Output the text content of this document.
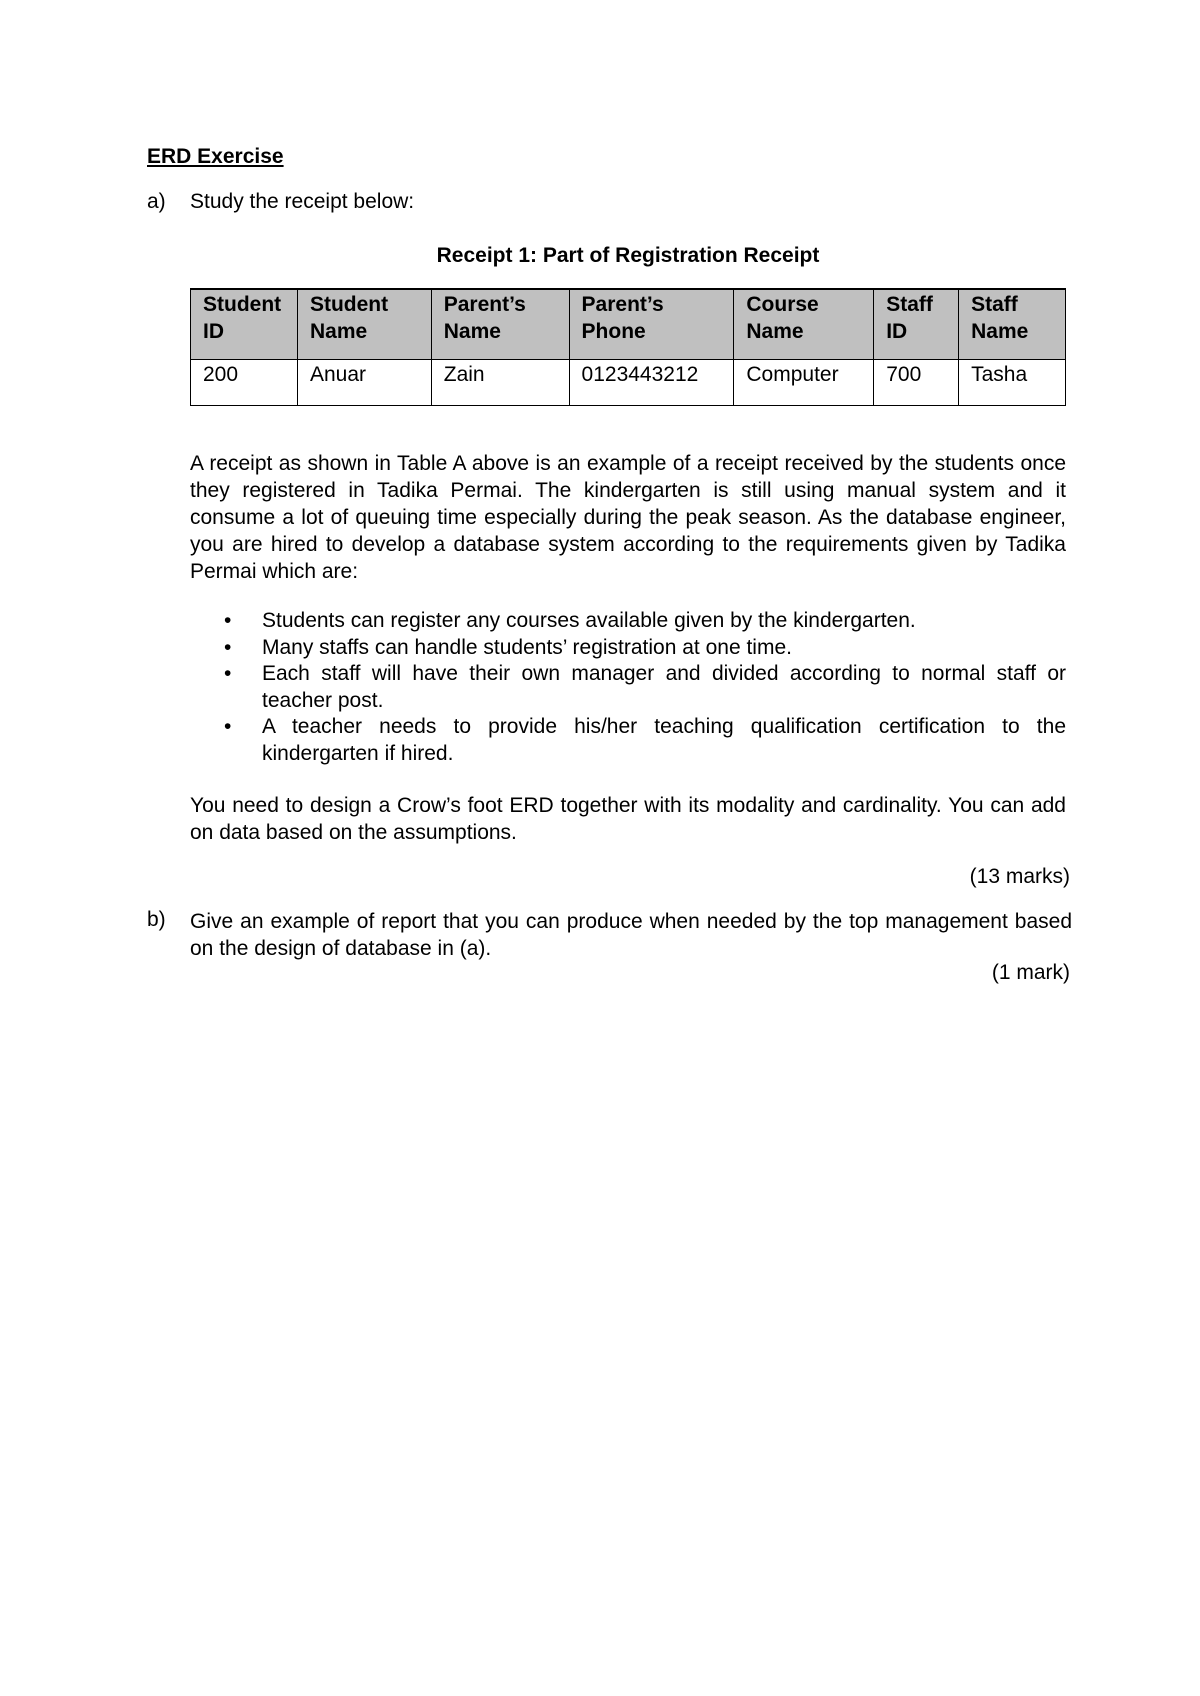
ERD Exercise
a) Study the receipt below:
Receipt 1: Part of Registration Receipt
Student ID	Student Name	Parent’s Name	Parent’s Phone	Course Name	Staff ID	Staff Name
200	Anuar	Zain	0123443212	Computer	700	Tasha

A receipt as shown in Table A above is an example of a receipt received by the students once they registered in Tadika Permai. The kindergarten is still using manual system and it consume a lot of queuing time especially during the peak season. As the database engineer, you are hired to develop a database system according to the requirements given by Tadika Permai which are:

• Students can register any courses available given by the kindergarten.
• Many staffs can handle students’ registration at one time.
• Each staff will have their own manager and divided according to normal staff or teacher post.
• A teacher needs to provide his/her teaching qualification certification to the kindergarten if hired.

You need to design a Crow’s foot ERD together with its modality and cardinality. You can add on data based on the assumptions.

(13 marks)
b) Give an example of report that you can produce when needed by the top management based on the design of database in (a).

(1 mark)
